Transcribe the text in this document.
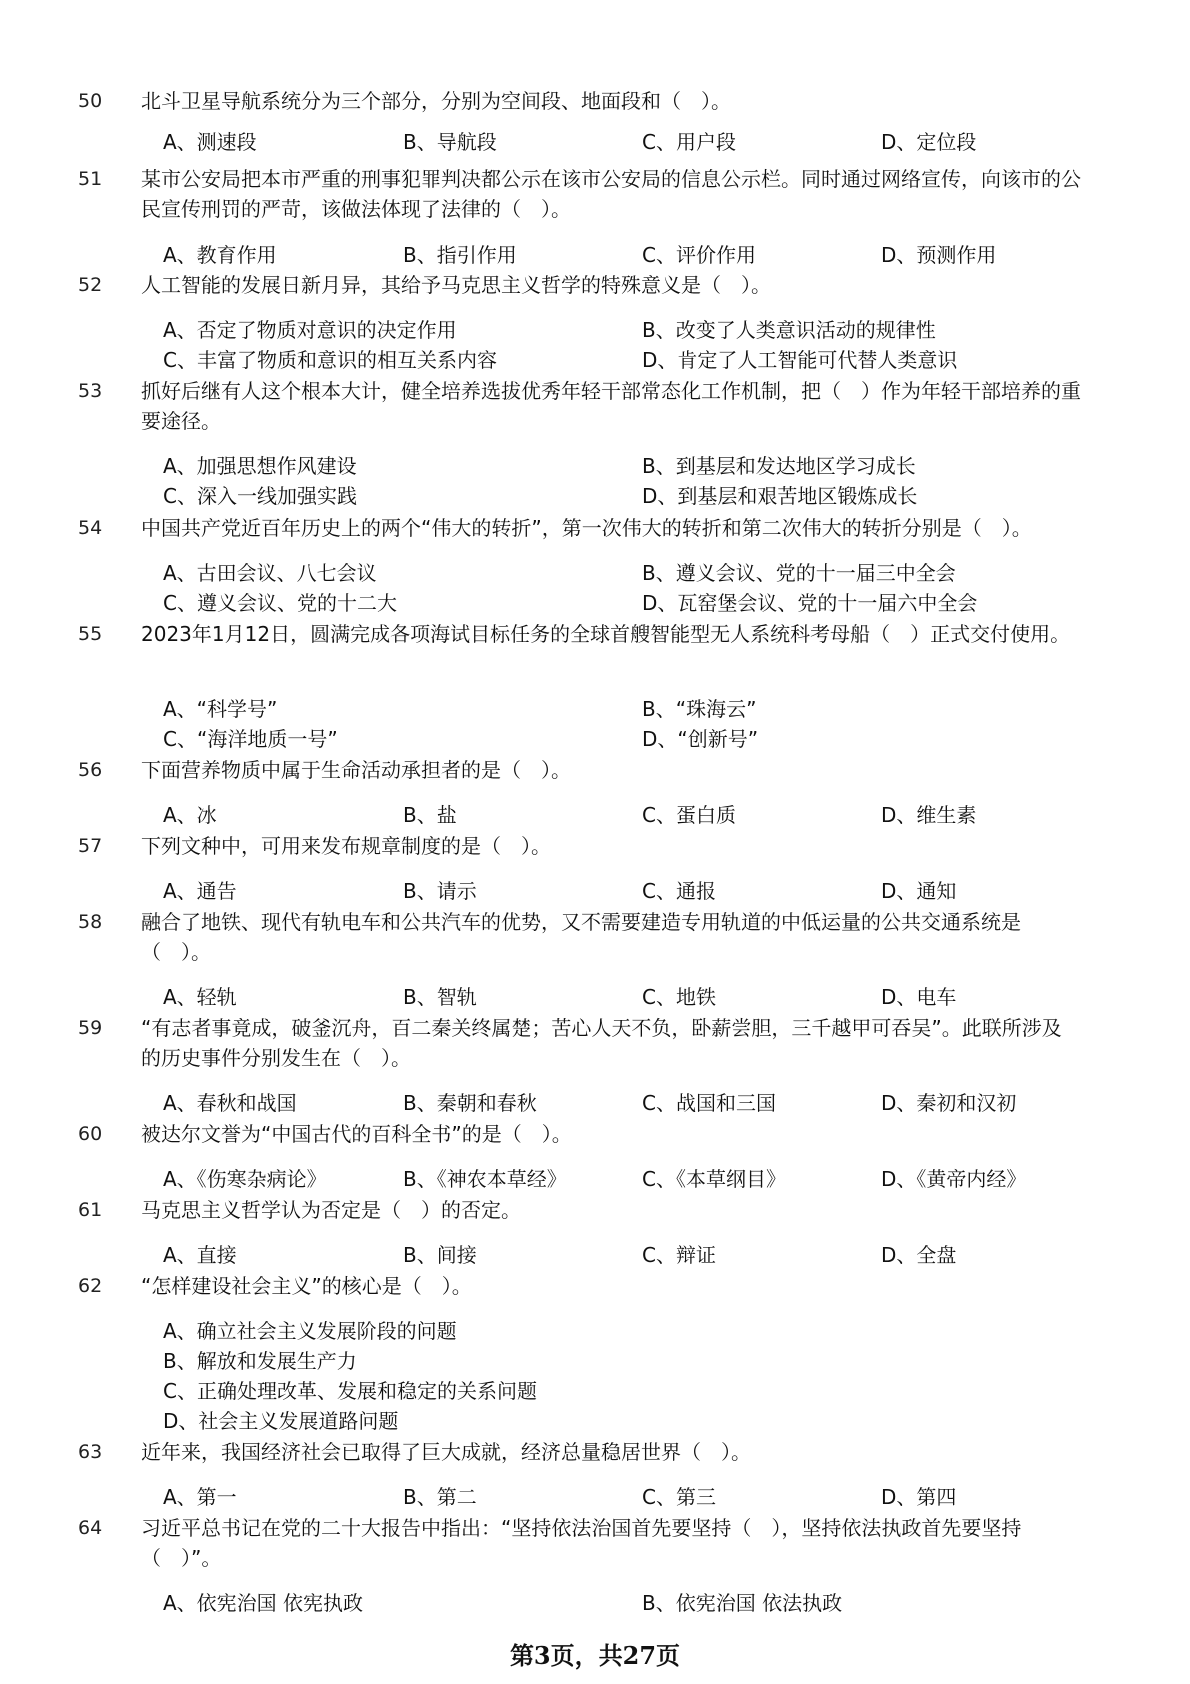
50 北斗卫星导航系统分为三个部分，分别为空间段、地面段和（　）。
A、测速段	B、导航段	C、用户段	D、定位段
51 某市公安局把本市严重的刑事犯罪判决都公示在该市公安局的信息公示栏。同时通过网络宣传，向该市的公民宣传刑罚的严苛，该做法体现了法律的（　）。
A、教育作用	B、指引作用	C、评价作用	D、预测作用
52 人工智能的发展日新月异，其给予马克思主义哲学的特殊意义是（　）。
A、否定了物质对意识的决定作用	B、改变了人类意识活动的规律性
C、丰富了物质和意识的相互关系内容	D、肯定了人工智能可代替人类意识
53 抓好后继有人这个根本大计，健全培养选拔优秀年轻干部常态化工作机制，把（　）作为年轻干部培养的重要途径。
A、加强思想作风建设	B、到基层和发达地区学习成长
C、深入一线加强实践	D、到基层和艰苦地区锻炼成长
54 中国共产党近百年历史上的两个“伟大的转折”，第一次伟大的转折和第二次伟大的转折分别是（　）。
A、古田会议、八七会议	B、遵义会议、党的十一届三中全会
C、遵义会议、党的十二大	D、瓦窑堡会议、党的十一届六中全会
55 2023年1月12日，圆满完成各项海试目标任务的全球首艘智能型无人系统科考母船（　）正式交付使用。
A、“科学号”	B、“珠海云”
C、“海洋地质一号”	D、“创新号”
56 下面营养物质中属于生命活动承担者的是（　）。
A、冰	B、盐	C、蛋白质	D、维生素
57 下列文种中，可用来发布规章制度的是（　）。
A、通告	B、请示	C、通报	D、通知
58 融合了地铁、现代有轨电车和公共汽车的优势，又不需要建造专用轨道的中低运量的公共交通系统是（　）。
A、轻轨	B、智轨	C、地铁	D、电车
59 “有志者事竟成，破釜沉舟，百二秦关终属楚；苦心人天不负，卧薪尝胆，三千越甲可吞吴”。此联所涉及的历史事件分别发生在（　）。
A、春秋和战国	B、秦朝和春秋	C、战国和三国	D、秦初和汉初
60 被达尔文誉为“中国古代的百科全书”的是（　）。
A、《伤寒杂病论》	B、《神农本草经》	C、《本草纲目》	D、《黄帝内经》
61 马克思主义哲学认为否定是（　）的否定。
A、直接	B、间接	C、辩证	D、全盘
62 “怎样建设社会主义”的核心是（　）。
A、确立社会主义发展阶段的问题
B、解放和发展生产力
C、正确处理改革、发展和稳定的关系问题
D、社会主义发展道路问题
63 近年来，我国经济社会已取得了巨大成就，经济总量稳居世界（　）。
A、第一	B、第二	C、第三	D、第四
64 习近平总书记在党的二十大报告中指出：“坚持依法治国首先要坚持（　），坚持依法执政首先要坚持（　）”。
A、依宪治国 依宪执政	B、依宪治国 依法执政
第3页，共27页
